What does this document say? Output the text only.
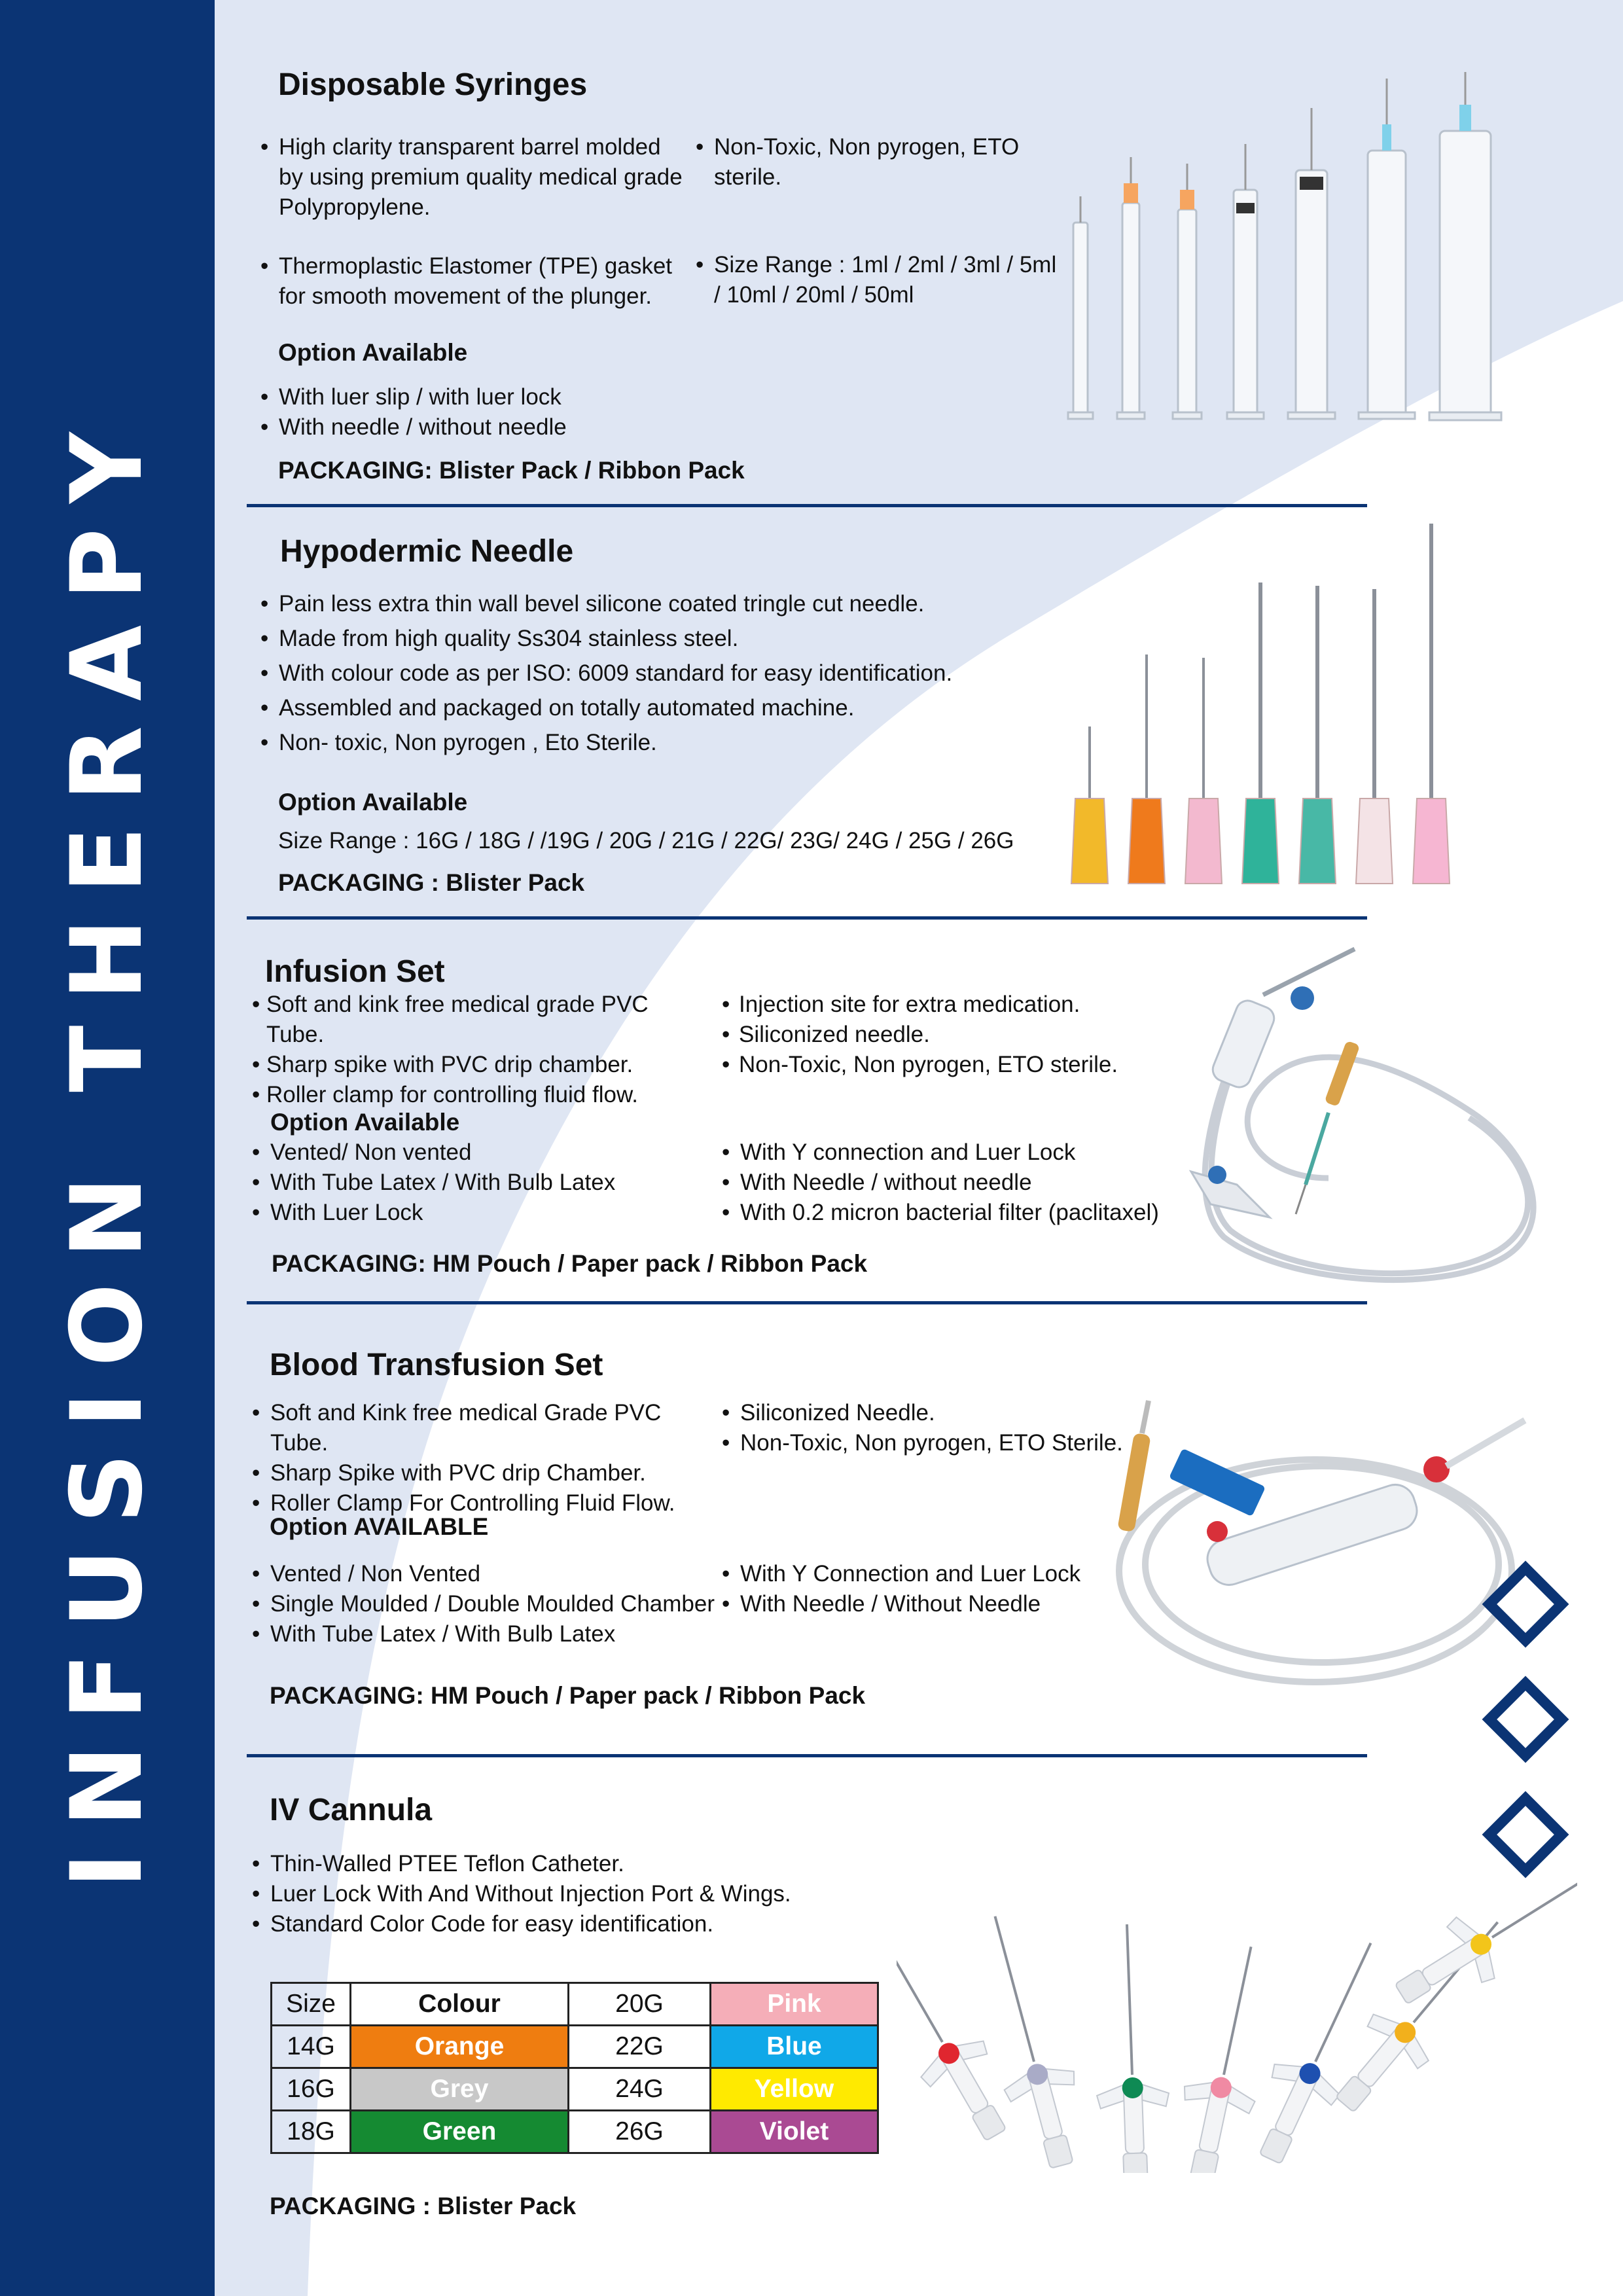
INFUSION THERAPY
Disposable Syringes
• High clarity transparent barrel molded by using premium quality medical grade Polypropylene.
• Thermoplastic Elastomer (TPE) gasket for smooth movement of the plunger.
• Non-Toxic, Non pyrogen, ETO sterile.
• Size Range : 1ml / 2ml / 3ml / 5ml / 10ml / 20ml / 50ml
Option Available
• With luer slip / with luer lock
• With needle / without needle
PACKAGING: Blister Pack / Ribbon Pack
Hypodermic Needle
• Pain less extra thin wall bevel silicone coated tringle cut needle.
• Made from high quality Ss304 stainless steel.
• With colour code as per ISO: 6009 standard for easy identification.
• Assembled and packaged on totally automated machine.
• Non- toxic, Non pyrogen , Eto Sterile.
Option Available
Size Range : 16G / 18G / /19G / 20G / 21G / 22G/ 23G/ 24G / 25G / 26G
PACKAGING : Blister Pack
Infusion Set
• Soft and kink free medical grade PVC Tube.
• Sharp spike with PVC drip chamber.
• Roller clamp for controlling fluid flow.
• Injection site for extra medication.
• Siliconized needle.
• Non-Toxic, Non pyrogen, ETO sterile.
Option Available
• Vented/ Non vented
• With Tube Latex / With Bulb Latex
• With Luer Lock
• With Y connection and Luer Lock
• With Needle / without needle
• With 0.2 micron bacterial filter (paclitaxel)
PACKAGING: HM Pouch / Paper pack / Ribbon Pack
Blood Transfusion Set
• Soft and Kink free medical Grade PVC Tube.
• Sharp Spike with PVC drip Chamber.
• Roller Clamp For Controlling Fluid Flow.
• Siliconized Needle.
• Non-Toxic, Non pyrogen, ETO Sterile.
Option AVAILABLE
• Vented / Non Vented
• Single Moulded / Double Moulded Chamber
• With Tube Latex / With Bulb Latex
• With Y Connection and Luer Lock
• With Needle / Without Needle
PACKAGING: HM Pouch / Paper pack / Ribbon Pack
IV Cannula
• Thin-Walled PTEE Teflon Catheter.
• Luer Lock With And Without Injection Port & Wings.
• Standard Color Code for easy identification.
Size	Colour	20G	Pink
14G	Orange	22G	Blue
16G	Grey	24G	Yellow
18G	Green	26G	Violet
PACKAGING : Blister Pack
